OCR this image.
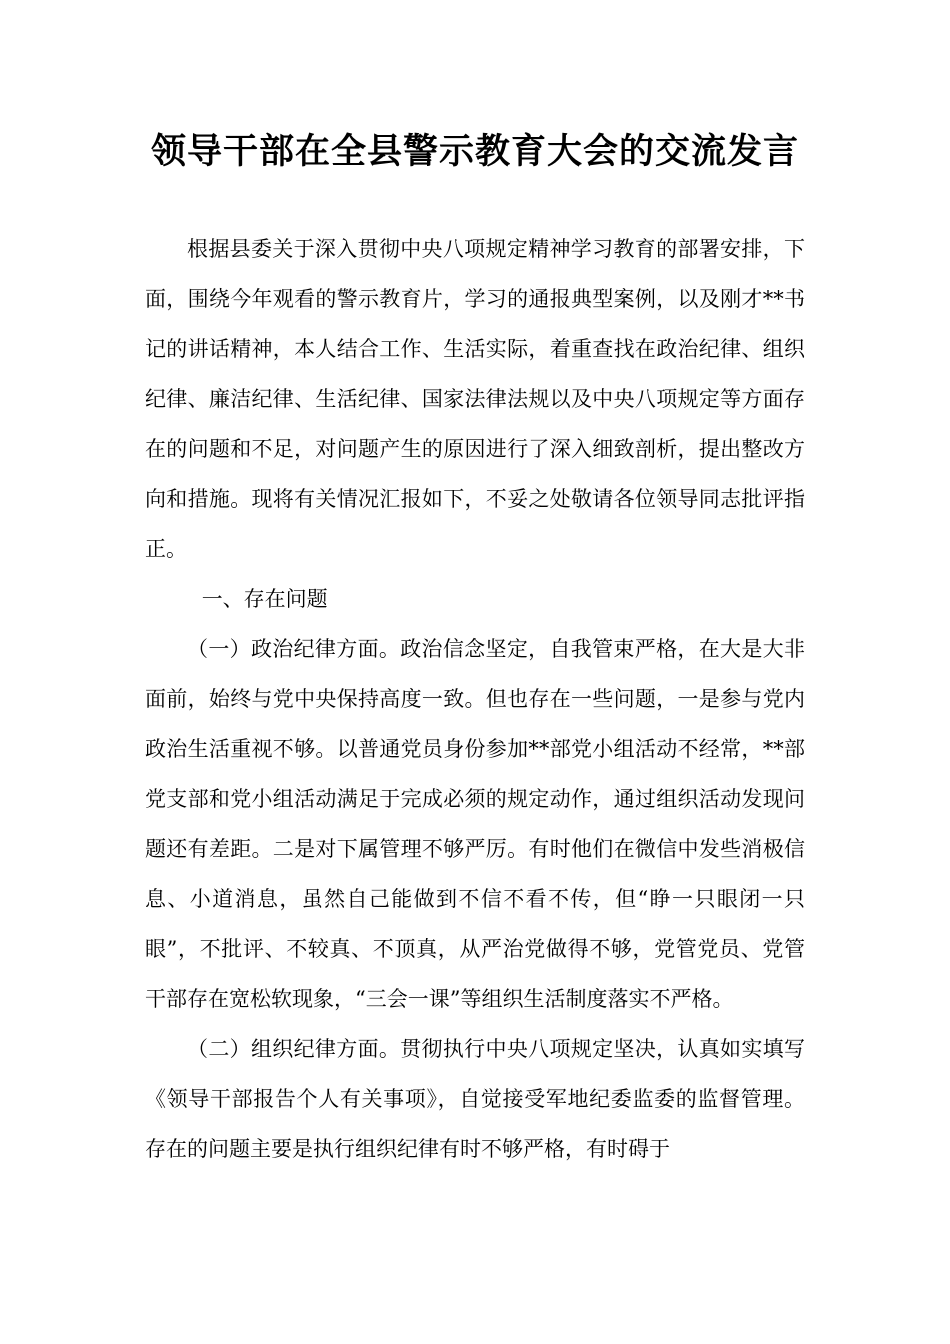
领导干部在全县警示教育大会的交流发言

根据县委关于深入贯彻中央八项规定精神学习教育的部署安排，下面，围绕今年观看的警示教育片，学习的通报典型案例，以及刚才**书记的讲话精神，本人结合工作、生活实际，着重查找在政治纪律、组织纪律、廉洁纪律、生活纪律、国家法律法规以及中央八项规定等方面存在的问题和不足，对问题产生的原因进行了深入细致剖析，提出整改方向和措施。现将有关情况汇报如下，不妥之处敬请各位领导同志批评指正。

一、存在问题

（一）政治纪律方面。政治信念坚定，自我管束严格，在大是大非面前，始终与党中央保持高度一致。但也存在一些问题，一是参与党内政治生活重视不够。以普通党员身份参加**部党小组活动不经常，**部党支部和党小组活动满足于完成必须的规定动作，通过组织活动发现问题还有差距。二是对下属管理不够严厉。有时他们在微信中发些消极信息、小道消息，虽然自己能做到不信不看不传，但“睁一只眼闭一只眼”，不批评、不较真、不顶真，从严治党做得不够，党管党员、党管干部存在宽松软现象，“三会一课”等组织生活制度落实不严格。

（二）组织纪律方面。贯彻执行中央八项规定坚决，认真如实填写《领导干部报告个人有关事项》，自觉接受军地纪委监委的监督管理。存在的问题主要是执行组织纪律有时不够严格，有时碍于
